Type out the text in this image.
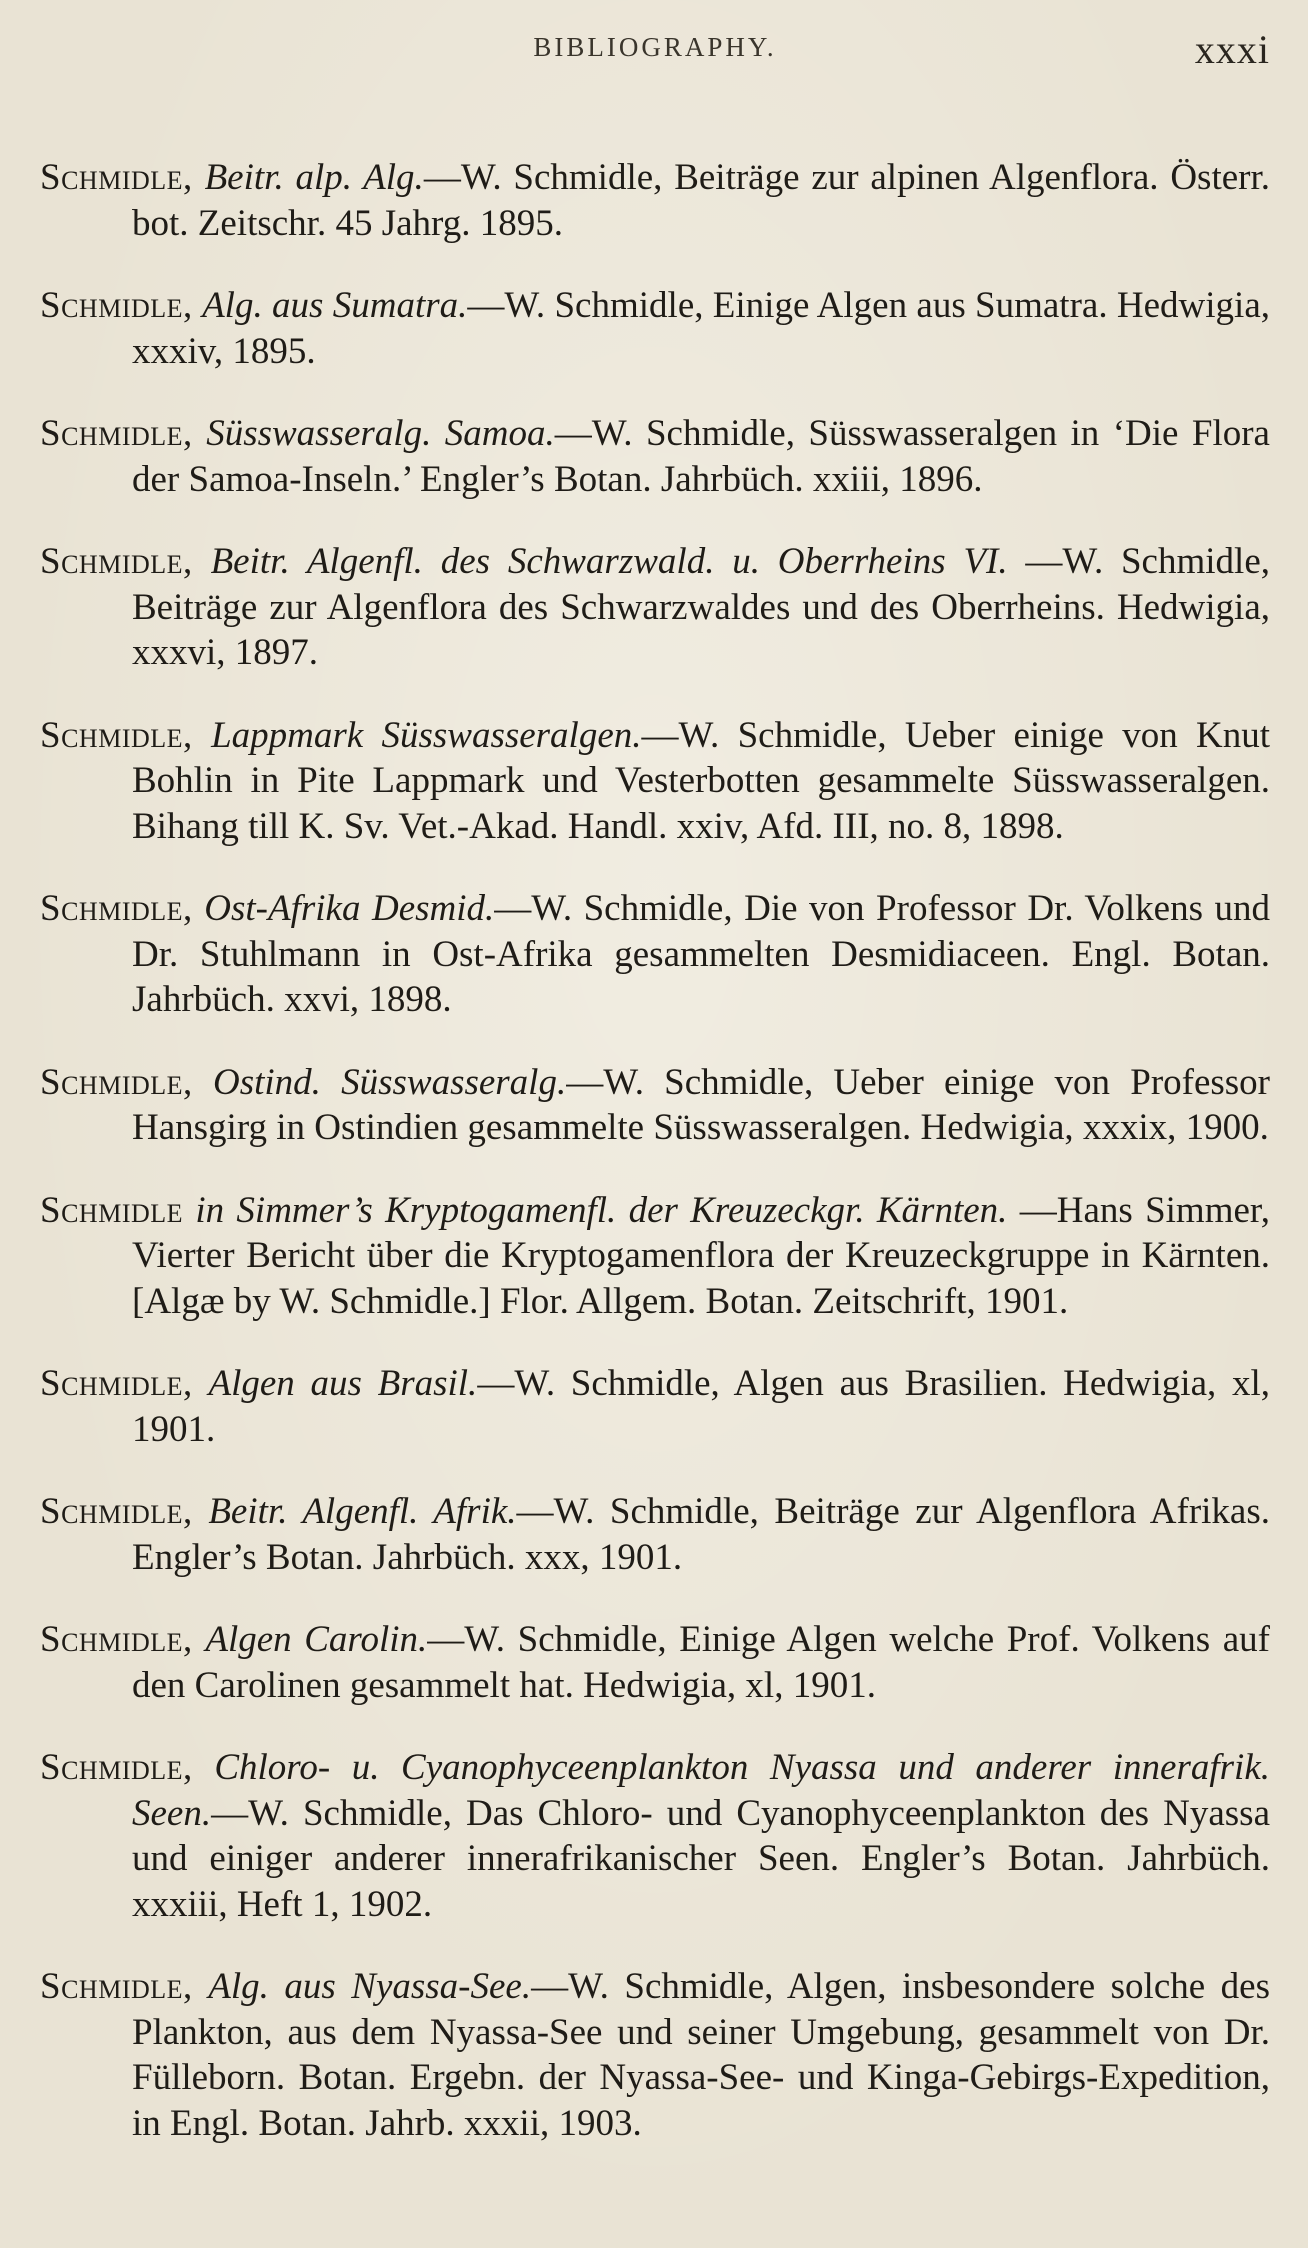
BIBLIOGRAPHY.	xxxi

Schmidle, Beitr. alp. Alg.—W. Schmidle, Beiträge zur alpinen Algenflora. Österr. bot. Zeitschr. 45 Jahrg. 1895.

Schmidle, Alg. aus Sumatra.—W. Schmidle, Einige Algen aus Sumatra. Hedwigia, xxxiv, 1895.

Schmidle, Süsswasseralg. Samoa.—W. Schmidle, Süsswasseralgen in ‘Die Flora der Samoa-Inseln.’ Engler’s Botan. Jahrbüch. xxiii, 1896.

Schmidle, Beitr. Algenfl. des Schwarzwald. u. Oberrheins VI. —W. Schmidle, Beiträge zur Algenflora des Schwarzwaldes und des Oberrheins. Hedwigia, xxxvi, 1897.

Schmidle, Lappmark Süsswasseralgen.—W. Schmidle, Ueber einige von Knut Bohlin in Pite Lappmark und Vesterbotten gesammelte Süsswasseralgen. Bihang till K. Sv. Vet.-Akad. Handl. xxiv, Afd. III, no. 8, 1898.

Schmidle, Ost-Afrika Desmid.—W. Schmidle, Die von Professor Dr. Volkens und Dr. Stuhlmann in Ost-Afrika gesammelten Desmidiaceen. Engl. Botan. Jahrbüch. xxvi, 1898.

Schmidle, Ostind. Süsswasseralg.—W. Schmidle, Ueber einige von Professor Hansgirg in Ostindien gesammelte Süsswasseralgen. Hedwigia, xxxix, 1900.

Schmidle in Simmer’s Kryptogamenfl. der Kreuzeckgr. Kärnten. —Hans Simmer, Vierter Bericht über die Kryptogamenflora der Kreuzeckgruppe in Kärnten. [Algæ by W. Schmidle.] Flor. Allgem. Botan. Zeitschrift, 1901.

Schmidle, Algen aus Brasil.—W. Schmidle, Algen aus Brasilien. Hedwigia, xl, 1901.

Schmidle, Beitr. Algenfl. Afrik.—W. Schmidle, Beiträge zur Algenflora Afrikas. Engler’s Botan. Jahrbüch. xxx, 1901.

Schmidle, Algen Carolin.—W. Schmidle, Einige Algen welche Prof. Volkens auf den Carolinen gesammelt hat. Hedwigia, xl, 1901.

Schmidle, Chloro- u. Cyanophyceenplankton Nyassa und anderer innerafrik. Seen.—W. Schmidle, Das Chloro- und Cyanophyceenplankton des Nyassa und einiger anderer innerafrikanischer Seen. Engler’s Botan. Jahrbüch. xxxiii, Heft 1, 1902.

Schmidle, Alg. aus Nyassa-See.—W. Schmidle, Algen, insbesondere solche des Plankton, aus dem Nyassa-See und seiner Umgebung, gesammelt von Dr. Fülleborn. Botan. Ergebn. der Nyassa-See- und Kinga-Gebirgs-Expedition, in Engl. Botan. Jahrb. xxxii, 1903.
